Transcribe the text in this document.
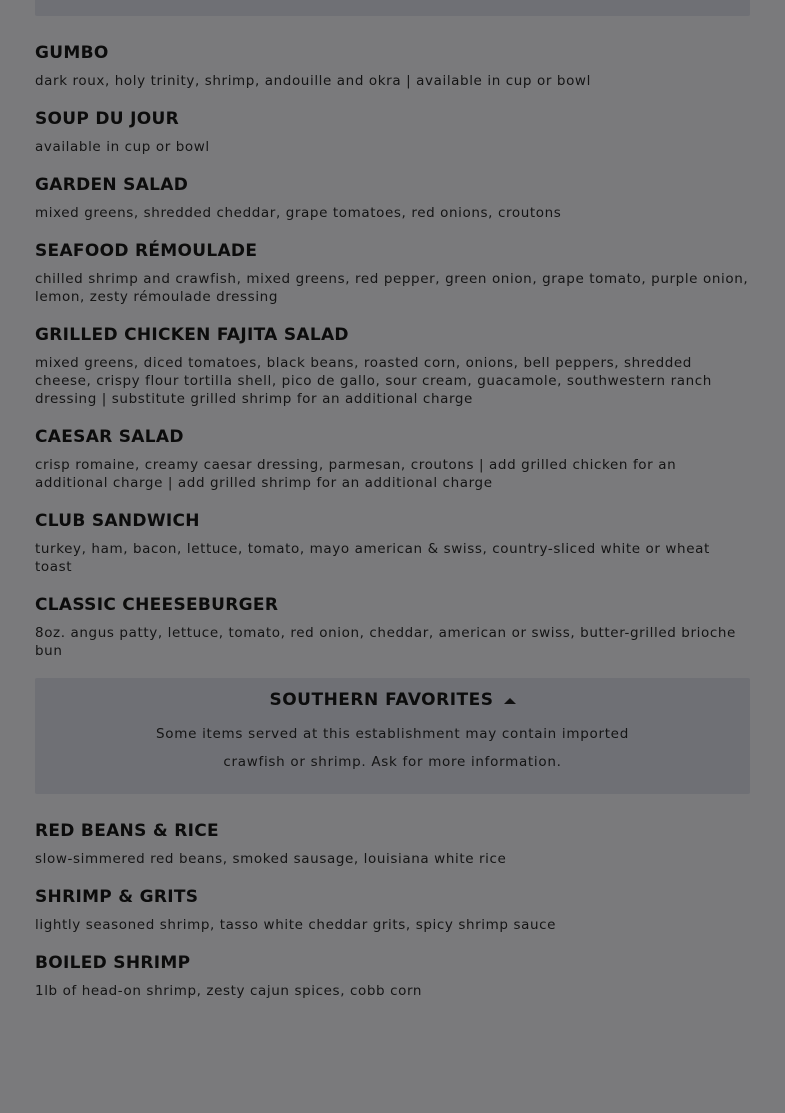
GUMBO
dark roux, holy trinity, shrimp, andouille and okra | available in cup or bowl
SOUP DU JOUR
available in cup or bowl
GARDEN SALAD
mixed greens, shredded cheddar, grape tomatoes, red onions, croutons
SEAFOOD RÉMOULADE
chilled shrimp and crawfish, mixed greens, red pepper, green onion, grape tomato, purple onion, lemon, zesty rémoulade dressing
GRILLED CHICKEN FAJITA SALAD
mixed greens, diced tomatoes, black beans, roasted corn, onions, bell peppers, shredded cheese, crispy flour tortilla shell, pico de gallo, sour cream, guacamole, southwestern ranch dressing | substitute grilled shrimp for an additional charge
CAESAR SALAD
crisp romaine, creamy caesar dressing, parmesan, croutons | add grilled chicken for an additional charge | add grilled shrimp for an additional charge
CLUB SANDWICH
turkey, ham, bacon, lettuce, tomato, mayo american & swiss, country-sliced white or wheat toast
CLASSIC CHEESEBURGER
8oz. angus patty, lettuce, tomato, red onion, cheddar, american or swiss, butter-grilled brioche bun
SOUTHERN FAVORITES
Some items served at this establishment may contain imported
crawfish or shrimp. Ask for more information.
RED BEANS & RICE
slow-simmered red beans, smoked sausage, louisiana white rice
SHRIMP & GRITS
lightly seasoned shrimp, tasso white cheddar grits, spicy shrimp sauce
BOILED SHRIMP
1lb of head-on shrimp, zesty cajun spices, cobb corn
